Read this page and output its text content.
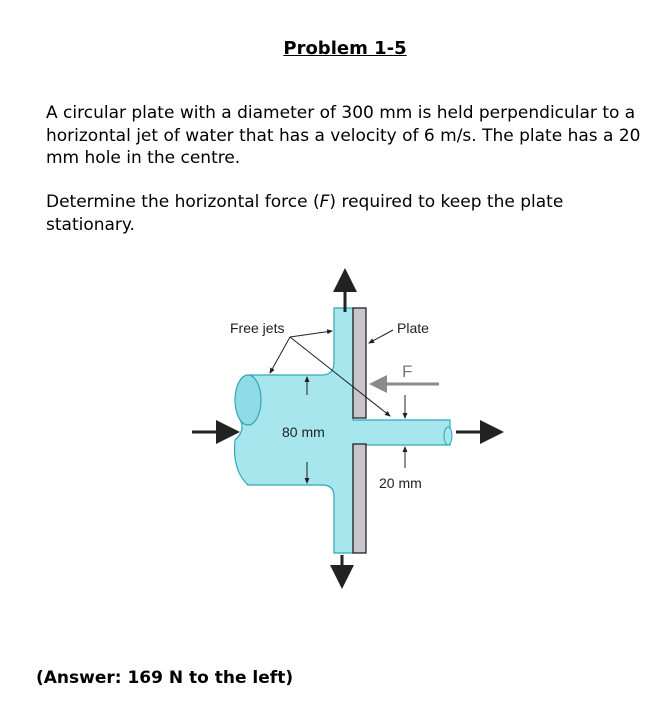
Problem 1-5
A circular plate with a diameter of 300 mm is held perpendicular to a horizontal jet of water that has a velocity of 6 m/s. The plate has a 20 mm hole in the centre.
Determine the horizontal force (F) required to keep the plate stationary.
F
Free jets	Plate
80 mm
20 mm
(Answer: 169 N to the left)
